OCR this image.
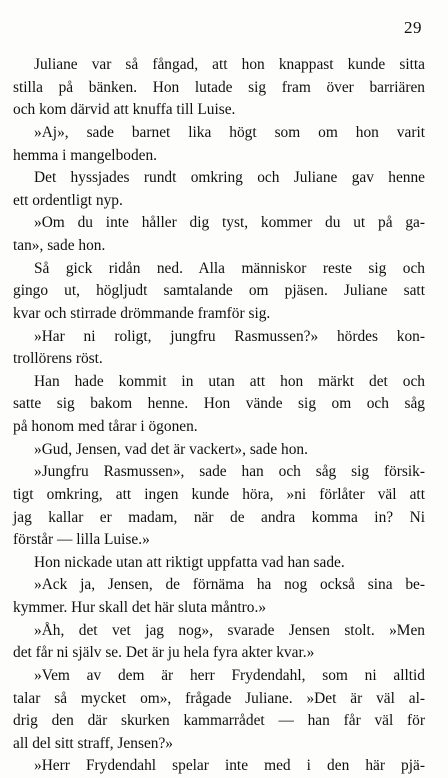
29
Juliane var så fångad, att hon knappast kunde sitta
stilla på bänken. Hon lutade sig fram över barriären
och kom därvid att knuffa till Luise.
»Aj», sade barnet lika högt som om hon varit
hemma i mangelboden.
Det hyssjades rundt omkring och Juliane gav henne
ett ordentligt nyp.
»Om du inte håller dig tyst, kommer du ut på ga-
tan», sade hon.
Så gick ridån ned. Alla människor reste sig och
gingo ut, högljudt samtalande om pjäsen. Juliane satt
kvar och stirrade drömmande framför sig.
»Har ni roligt, jungfru Rasmussen?» hördes kon-
trollörens röst.
Han hade kommit in utan att hon märkt det och
satte sig bakom henne. Hon vände sig om och såg
på honom med tårar i ögonen.
»Gud, Jensen, vad det är vackert», sade hon.
»Jungfru Rasmussen», sade han och såg sig försik-
tigt omkring, att ingen kunde höra, »ni förlåter väl att
jag kallar er madam, när de andra komma in? Ni
förstår — lilla Luise.»
Hon nickade utan att riktigt uppfatta vad han sade.
»Ack ja, Jensen, de förnäma ha nog också sina be-
kymmer. Hur skall det här sluta måntro.»
»Åh, det vet jag nog», svarade Jensen stolt. »Men
det får ni själv se. Det är ju hela fyra akter kvar.»
»Vem av dem är herr Frydendahl, som ni alltid
talar så mycket om», frågade Juliane. »Det är väl al-
drig den där skurken kammarrådet — han får väl för
all del sitt straff, Jensen?»
»Herr Frydendahl spelar inte med i den här pjä-
